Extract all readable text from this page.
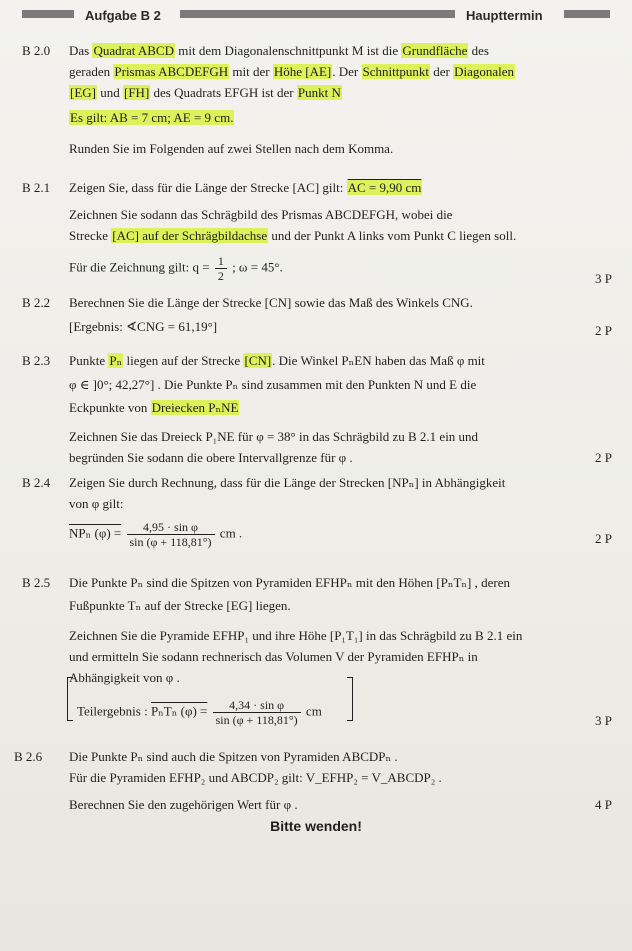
Aufgabe B 2	Haupttermin
B 2.0 Das Quadrat ABCD mit dem Diagonalenschnittpunkt M ist die Grundfläche des
geraden Prismas ABCDEFGH mit der Höhe [AE]. Der Schnittpunkt der Diagonalen
[EG] und [FH] des Quadrats EFGH ist der Punkt N
Es gilt: AB = 7 cm; AE = 9 cm.
Runden Sie im Folgenden auf zwei Stellen nach dem Komma.
B 2.1 Zeigen Sie, dass für die Länge der Strecke [AC] gilt: AC = 9,90 cm
Zeichnen Sie sodann das Schrägbild des Prismas ABCDEFGH, wobei die
Strecke [AC] auf der Schrägbildachse und der Punkt A links vom Punkt C liegen soll.
Für die Zeichnung gilt: $q = \frac{1}{2}$ ; ω = 45°.
3 P
B 2.2 Berechnen Sie die Länge der Strecke [CN] sowie das Maß des Winkels CNG.
[Ergebnis: ∢CNG = 61,19°]	2 P
B 2.3 Punkte Pₙ liegen auf der Strecke [CN]. Die Winkel PₙEN haben das Maß φ mit
φ ∈ ]0°; 42,27°] . Die Punkte Pₙ sind zusammen mit den Punkten N und E die
Eckpunkte von Dreiecken PₙNE
Zeichnen Sie das Dreieck P₁NE für φ = 38° in das Schrägbild zu B 2.1 ein und
begründen Sie sodann die obere Intervallgrenze für φ .	2 P
B 2.4 Zeigen Sie durch Rechnung, dass für die Länge der Strecken [NPₙ] in Abhängigkeit
von φ gilt:
NPₙ $(\varphi) = \frac{\text{4,95 · sin φ}}{\sin (\varphi + 118,81^\circ)}$ cm .	2 P
B 2.5 Die Punkte Pₙ sind die Spitzen von Pyramiden EFHPₙ mit den Höhen [PₙTₙ] , deren
Fußpunkte Tₙ auf der Strecke [EG] liegen.
Zeichnen Sie die Pyramide EFHP₁ und ihre Höhe [P₁T₁] in das Schrägbild zu B 2.1 ein
und ermitteln Sie sodann rechnerisch das Volumen V der Pyramiden EFHPₙ in
Abhängigkeit von φ .
Teilergebnis : PₙTₙ $(\varphi) = \frac{\text{4,34 · sin φ}}{\sin (\varphi + 118,81^\circ)}$ cm
3 P
B 2.6 Die Punkte Pₙ sind auch die Spitzen von Pyramiden ABCDPₙ .
Für die Pyramiden EFHP₂ und ABCDP₂ gilt: V_EFHP₂ = V_ABCDP₂ .
Berechnen Sie den zugehörigen Wert für φ .	4 P
Bitte wenden!
